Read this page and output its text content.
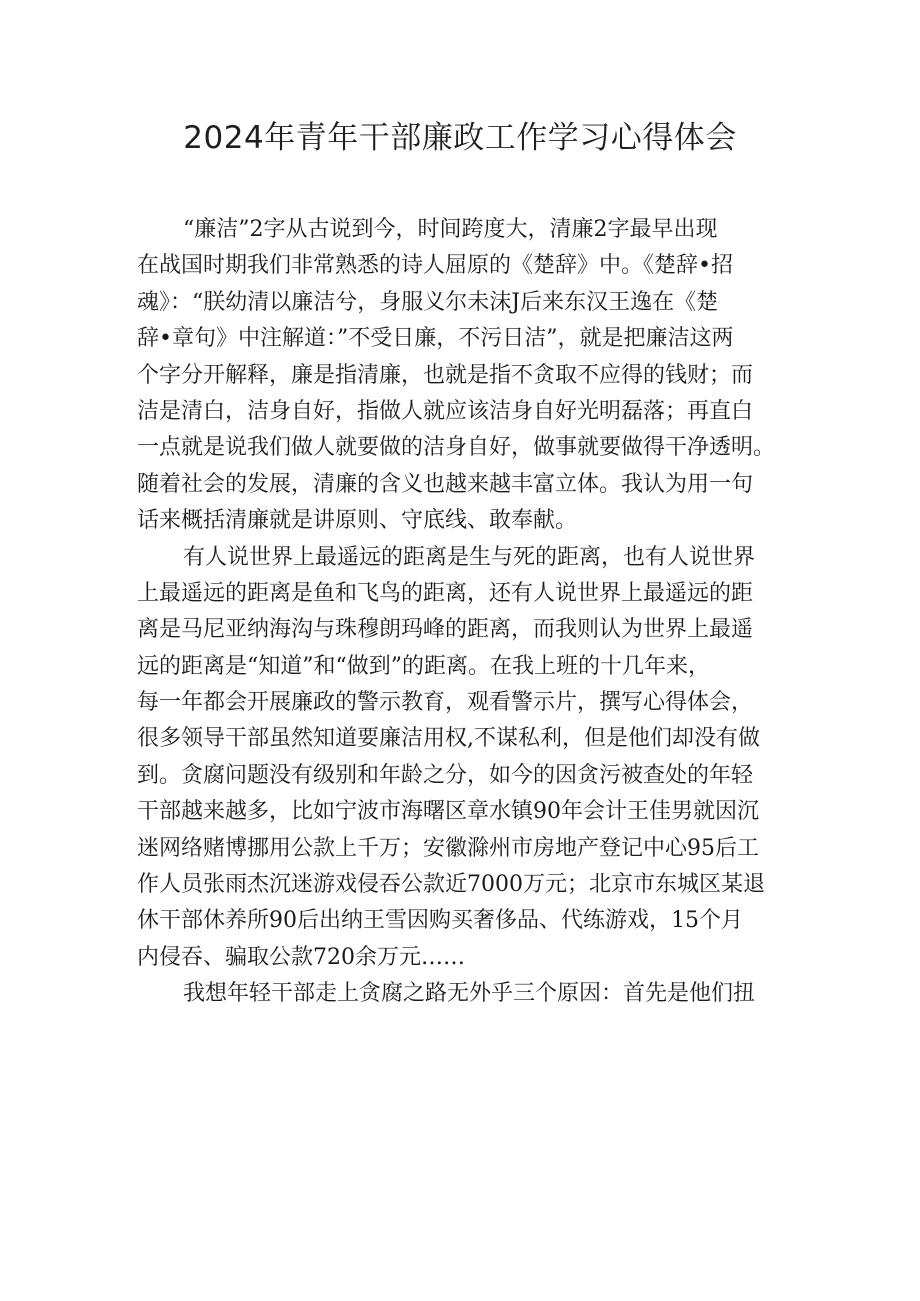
2024年青年干部廉政工作学习心得体会
“廉洁”2字从古说到今，时间跨度大，清廉2字最早出现
在战国时期我们非常熟悉的诗人屈原的《楚辞》中。《楚辞•招
魂》：“朕幼清以廉洁兮，身服义尔未沫J后来东汉王逸在《楚
辞•章句》中注解道：”不受日廉，不污日洁”，就是把廉洁这两
个字分开解释，廉是指清廉，也就是指不贪取不应得的钱财；而
洁是清白，洁身自好，指做人就应该洁身自好光明磊落；再直白
一点就是说我们做人就要做的洁身自好，做事就要做得干净透明。
随着社会的发展，清廉的含义也越来越丰富立体。我认为用一句
话来概括清廉就是讲原则、守底线、敢奉献。
有人说世界上最遥远的距离是生与死的距离，也有人说世界
上最遥远的距离是鱼和飞鸟的距离，还有人说世界上最遥远的距
离是马尼亚纳海沟与珠穆朗玛峰的距离，而我则认为世界上最遥
远的距离是“知道”和“做到”的距离。在我上班的十几年来，
每一年都会开展廉政的警示教育，观看警示片，撰写心得体会，
很多领导干部虽然知道要廉洁用权,不谋私利，但是他们却没有做
到。贪腐问题没有级别和年龄之分，如今的因贪污被查处的年轻
干部越来越多，比如宁波市海曙区章水镇90年会计王佳男就因沉
迷网络赌博挪用公款上千万；安徽滁州市房地产登记中心95后工
作人员张雨杰沉迷游戏侵吞公款近7000万元；北京市东城区某退
休干部休养所90后出纳王雪因购买奢侈品、代练游戏，15个月
内侵吞、骗取公款720余万元……
我想年轻干部走上贪腐之路无外乎三个原因：首先是他们扭
